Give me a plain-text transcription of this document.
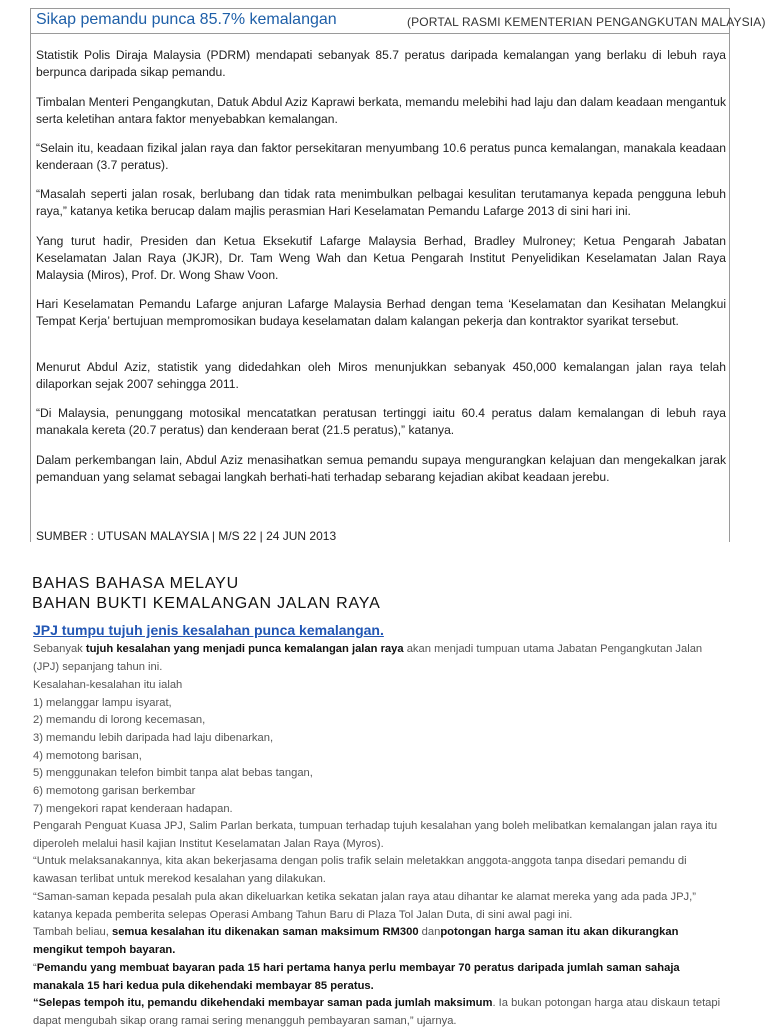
Sikap pemandu punca 85.7% kemalangan	(PORTAL RASMI KEMENTERIAN PENGANGKUTAN MALAYSIA)

Statistik Polis Diraja Malaysia (PDRM) mendapati sebanyak 85.7 peratus daripada kemalangan yang berlaku di lebuh raya berpunca daripada sikap pemandu.

Timbalan Menteri Pengangkutan, Datuk Abdul Aziz Kaprawi berkata, memandu melebihi had laju dan dalam keadaan mengantuk serta keletihan antara faktor menyebabkan kemalangan.

“Selain itu, keadaan fizikal jalan raya dan faktor persekitaran menyumbang 10.6 peratus punca kemalangan, manakala keadaan kenderaan (3.7 peratus).

“Masalah seperti jalan rosak, berlubang dan tidak rata menimbulkan pelbagai kesulitan terutamanya kepada pengguna lebuh raya,” katanya ketika berucap dalam majlis perasmian Hari Keselamatan Pemandu Lafarge 2013 di sini hari ini.

Yang turut hadir, Presiden dan Ketua Eksekutif Lafarge Malaysia Berhad, Bradley Mulroney; Ketua Pengarah Jabatan Keselamatan Jalan Raya (JKJR), Dr. Tam Weng Wah dan Ketua Pengarah Institut Penyelidikan Keselamatan Jalan Raya Malaysia (Miros), Prof. Dr. Wong Shaw Voon.

Hari Keselamatan Pemandu Lafarge anjuran Lafarge Malaysia Berhad dengan tema ‘Keselamatan dan Kesihatan Melangkui Tempat Kerja’ bertujuan mempromosikan budaya keselamatan dalam kalangan pekerja dan kontraktor syarikat tersebut.

Menurut Abdul Aziz, statistik yang didedahkan oleh Miros menunjukkan sebanyak 450,000 kemalangan jalan raya telah dilaporkan sejak 2007 sehingga 2011.

“Di Malaysia, penunggang motosikal mencatatkan peratusan tertinggi iaitu 60.4 peratus dalam kemalangan di lebuh raya manakala kereta (20.7 peratus) dan kenderaan berat (21.5 peratus),” katanya.

Dalam perkembangan lain, Abdul Aziz menasihatkan semua pemandu supaya mengurangkan kelajuan dan mengekalkan jarak pemanduan yang selamat sebagai langkah berhati-hati terhadap sebarang kejadian akibat keadaan jerebu.

SUMBER : UTUSAN MALAYSIA | M/S 22 | 24 JUN 2013
BAHAS BAHASA MELAYU
BAHAN BUKTI KEMALANGAN JALAN RAYA
JPJ tumpu tujuh jenis kesalahan punca kemalangan.

Sebanyak tujuh kesalahan yang menjadi punca kemalangan jalan raya akan menjadi tumpuan utama Jabatan Pengangkutan Jalan (JPJ) sepanjang tahun ini.

Kesalahan-kesalahan itu ialah
1) melanggar lampu isyarat,
2) memandu di lorong kecemasan,
3) memandu lebih daripada had laju dibenarkan,
4) memotong barisan,
5) menggunakan telefon bimbit tanpa alat bebas tangan,
6) memotong garisan berkembar
7) mengekori rapat kenderaan hadapan.

Pengarah Penguat Kuasa JPJ, Salim Parlan berkata, tumpuan terhadap tujuh kesalahan yang boleh melibatkan kemalangan jalan raya itu diperoleh melalui hasil kajian Institut Keselamatan Jalan Raya (Myros).

“Untuk melaksanakannya, kita akan bekerjasama dengan polis trafik selain meletakkan anggota-anggota tanpa disedari pemandu di kawasan terlibat untuk merekod kesalahan yang dilakukan.

“Saman-saman kepada pesalah pula akan dikeluarkan ketika sekatan jalan raya atau dihantar ke alamat mereka yang ada pada JPJ,” katanya kepada pemberita selepas Operasi Ambang Tahun Baru di Plaza Tol Jalan Duta, di sini awal pagi ini.

Tambah beliau, semua kesalahan itu dikenakan saman maksimum RM300 danpotongan harga saman itu akan dikurangkan mengikut tempoh bayaran.

“Pemandu yang membuat bayaran pada 15 hari pertama hanya perlu membayar 70 peratus daripada jumlah saman sahaja manakala 15 hari kedua pula dikehendaki membayar 85 peratus.

“Selepas tempoh itu, pemandu dikehendaki membayar saman pada jumlah maksimum. Ia bukan potongan harga atau diskaun tetapi dapat mengubah sikap orang ramai sering menangguh pembayaran saman,” ujarnya.
